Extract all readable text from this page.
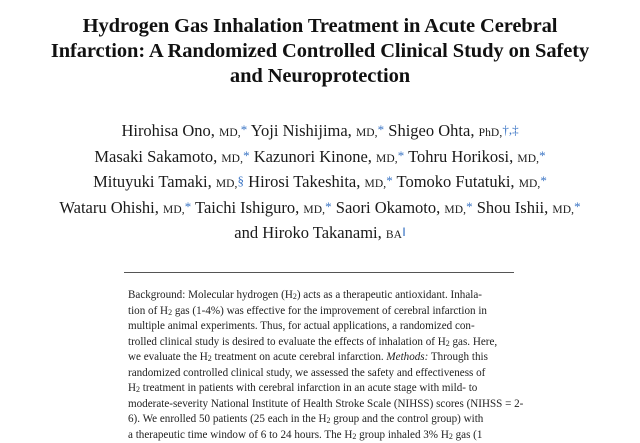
Hydrogen Gas Inhalation Treatment in Acute Cerebral
Infarction: A Randomized Controlled Clinical Study on Safety
and Neuroprotection
Hirohisa Ono, MD,* Yoji Nishijima, MD,* Shigeo Ohta, PhD,†,‡
Masaki Sakamoto, MD,* Kazunori Kinone, MD,* Tohru Horikosi, MD,*
Mituyuki Tamaki, MD,§ Hirosi Takeshita, MD,* Tomoko Futatuki, MD,*
Wataru Ohishi, MD,* Taichi Ishiguro, MD,* Saori Okamoto, MD,* Shou Ishii, MD,*
and Hiroko Takanami, BA‖
Background: Molecular hydrogen $(H_2)$ acts as a therapeutic antioxidant. Inhala-
tion of $H_2$ gas (1-4%) was effective for the improvement of cerebral infarction in
multiple animal experiments. Thus, for actual applications, a randomized con-
trolled clinical study is desired to evaluate the effects of inhalation of $H_2$ gas. Here,
we evaluate the $H_2$ treatment on acute cerebral infarction. Methods: Through this
randomized controlled clinical study, we assessed the safety and effectiveness of
$H_2$ treatment in patients with cerebral infarction in an acute stage with mild- to
moderate-severity National Institute of Health Stroke Scale (NIHSS) scores (NIHSS = 2-
6). We enrolled 50 patients (25 each in the $H_2$ group and the control group) with
a therapeutic time window of 6 to 24 hours. The $H_2$ group inhaled 3% $H_2$ gas (1
